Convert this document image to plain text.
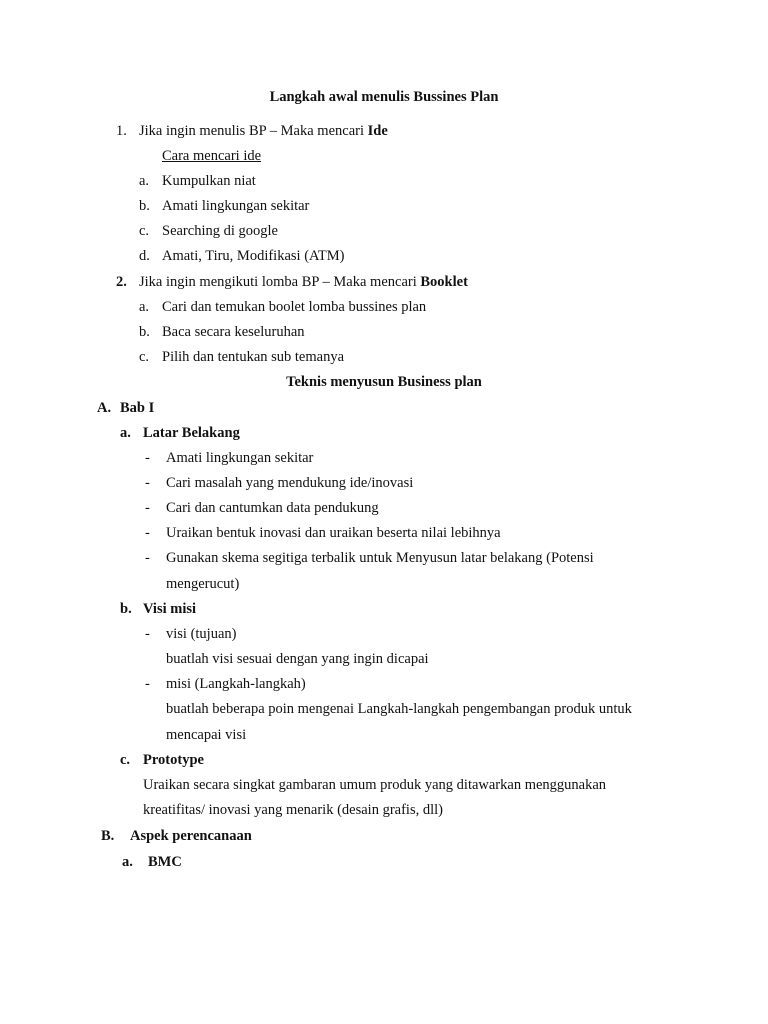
Langkah awal menulis Bussines Plan
1. Jika ingin menulis BP – Maka mencari Ide
Cara mencari ide
a. Kumpulkan niat
b. Amati lingkungan sekitar
c. Searching di google
d. Amati, Tiru, Modifikasi (ATM)
2. Jika ingin mengikuti lomba BP – Maka mencari Booklet
a. Cari dan temukan boolet lomba bussines plan
b. Baca secara keseluruhan
c. Pilih dan tentukan sub temanya
Teknis menyusun Business plan
A. Bab I
a. Latar Belakang
- Amati lingkungan sekitar
- Cari masalah yang mendukung ide/inovasi
- Cari dan cantumkan data pendukung
- Uraikan bentuk inovasi dan uraikan beserta nilai lebihnya
- Gunakan skema segitiga terbalik untuk Menyusun latar belakang (Potensi
mengerucut)
b. Visi misi
- visi (tujuan)
buatlah visi sesuai dengan yang ingin dicapai
- misi (Langkah-langkah)
buatlah beberapa poin mengenai Langkah-langkah pengembangan produk untuk
mencapai visi
c. Prototype
Uraikan secara singkat gambaran umum produk yang ditawarkan menggunakan
kreatifitas/ inovasi yang menarik (desain grafis, dll)
B. Aspek perencanaan
a. BMC
